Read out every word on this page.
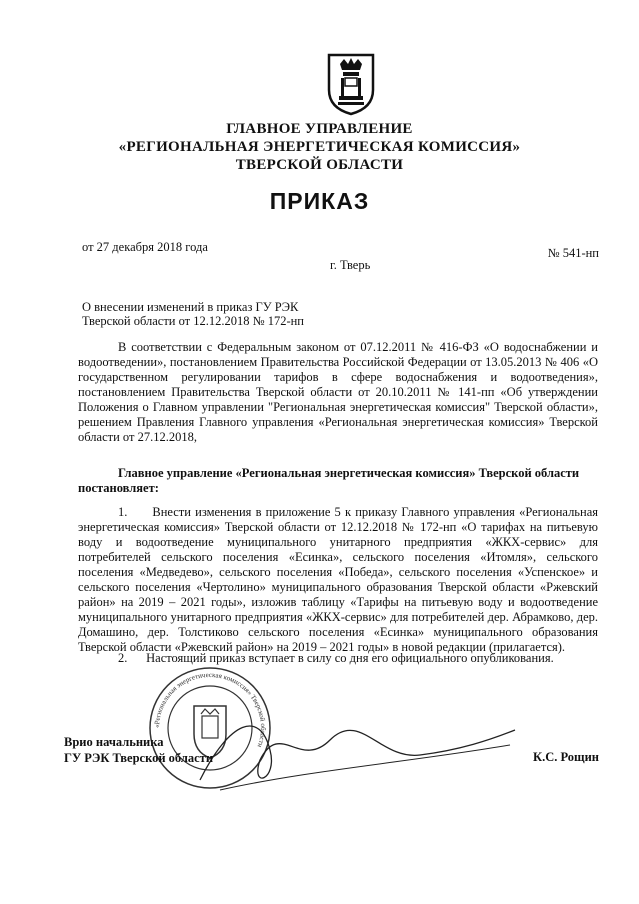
ГЛАВНОЕ УПРАВЛЕНИЕ
«РЕГИОНАЛЬНАЯ ЭНЕРГЕТИЧЕСКАЯ КОМИССИЯ»
ТВЕРСКОЙ ОБЛАСТИ
ПРИКАЗ
от 27 декабря 2018 года	№ 541-нп
г. Тверь
О внесении изменений в приказ ГУ РЭК
Тверской области от 12.12.2018 № 172-нп

В соответствии с Федеральным законом от 07.12.2011 № 416-ФЗ «О водоснабжении и водоотведении», постановлением Правительства Российской Федерации от 13.05.2013 № 406 «О государственном регулировании тарифов в сфере водоснабжения и водоотведения», постановлением Правительства Тверской области от 20.10.2011 № 141-пп «Об утверждении Положения о Главном управлении "Региональная энергетическая комиссия" Тверской области», решением Правления Главного управления «Региональная энергетическая комиссия» Тверской области от 27.12.2018,

Главное управление «Региональная энергетическая комиссия» Тверской области

постановляет:

1. Внести изменения в приложение 5 к приказу Главного управления «Региональная энергетическая комиссия» Тверской области от 12.12.2018 № 172-нп «О тарифах на питьевую воду и водоотведение муниципального унитарного предприятия «ЖКХ-сервис» для потребителей сельского поселения «Есинка», сельского поселения «Итомля», сельского поселения «Медведево», сельского поселения «Победа», сельского поселения «Успенское» и сельского поселения «Чертолино» муниципального образования Тверской области «Ржевский район» на 2019 – 2021 годы», изложив таблицу «Тарифы на питьевую воду и водоотведение муниципального унитарного предприятия «ЖКХ-сервис» для потребителей дер. Абрамково, дер. Домашино, дер. Толстиково сельского поселения «Есинка» муниципального образования Тверской области «Ржевский район» на 2019 – 2021 годы» в новой редакции (прилагается).

2. Настоящий приказ вступает в силу со дня его официального опубликования.

«Региональная энергетическая комиссия» Тверской области
Врио начальника
ГУ РЭК Тверской области	К.С. Рощин
